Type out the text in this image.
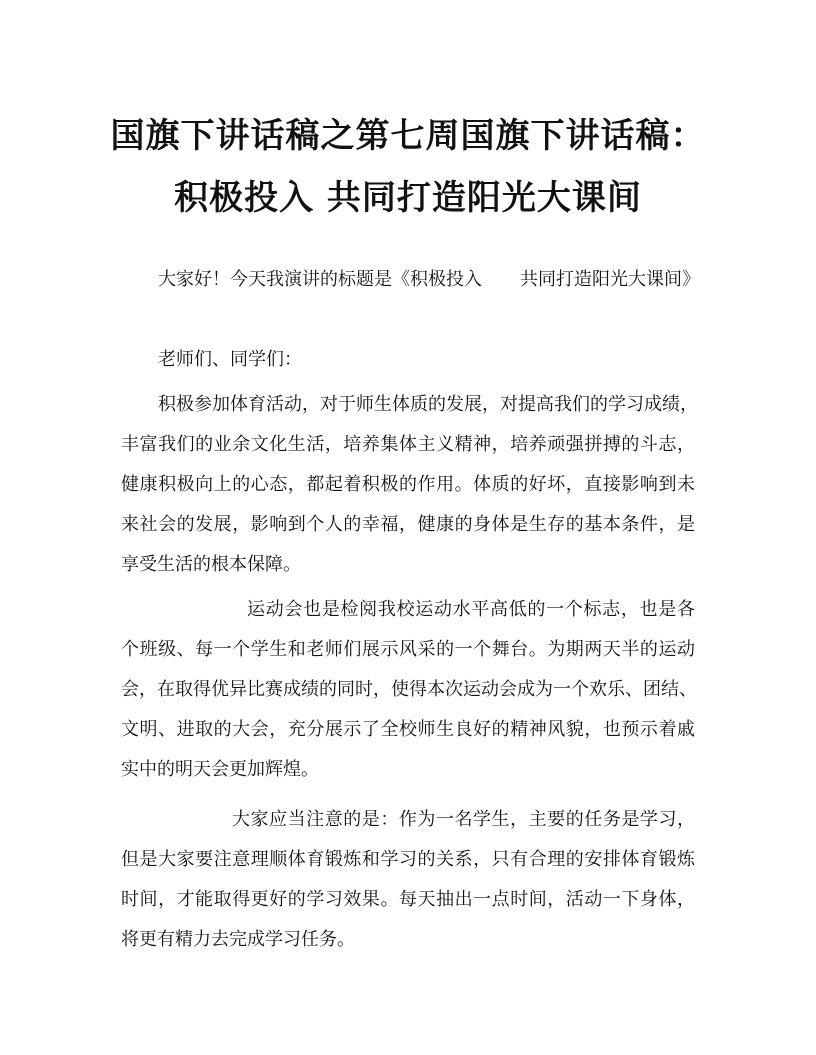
国旗下讲话稿之第七周国旗下讲话稿：
积极投入 共同打造阳光大课间

大家好！今天我演讲的标题是《积极投入 共同打造阳光大课间》

老师们、同学们：

积极参加体育活动，对于师生体质的发展，对提高我们的学习成绩，

丰富我们的业余文化生活，培养集体主义精神，培养顽强拼搏的斗志，

健康积极向上的心态，都起着积极的作用。体质的好坏，直接影响到未

来社会的发展，影响到个人的幸福，健康的身体是生存的基本条件，是

享受生活的根本保障。

运动会也是检阅我校运动水平高低的一个标志，也是各

个班级、每一个学生和老师们展示风采的一个舞台。为期两天半的运动

会，在取得优异比赛成绩的同时，使得本次运动会成为一个欢乐、团结、

文明、进取的大会，充分展示了全校师生良好的精神风貌，也预示着戚

实中的明天会更加辉煌。

大家应当注意的是：作为一名学生，主要的任务是学习，

但是大家要注意理顺体育锻炼和学习的关系，只有合理的安排体育锻炼

时间，才能取得更好的学习效果。每天抽出一点时间，活动一下身体，

将更有精力去完成学习任务。
